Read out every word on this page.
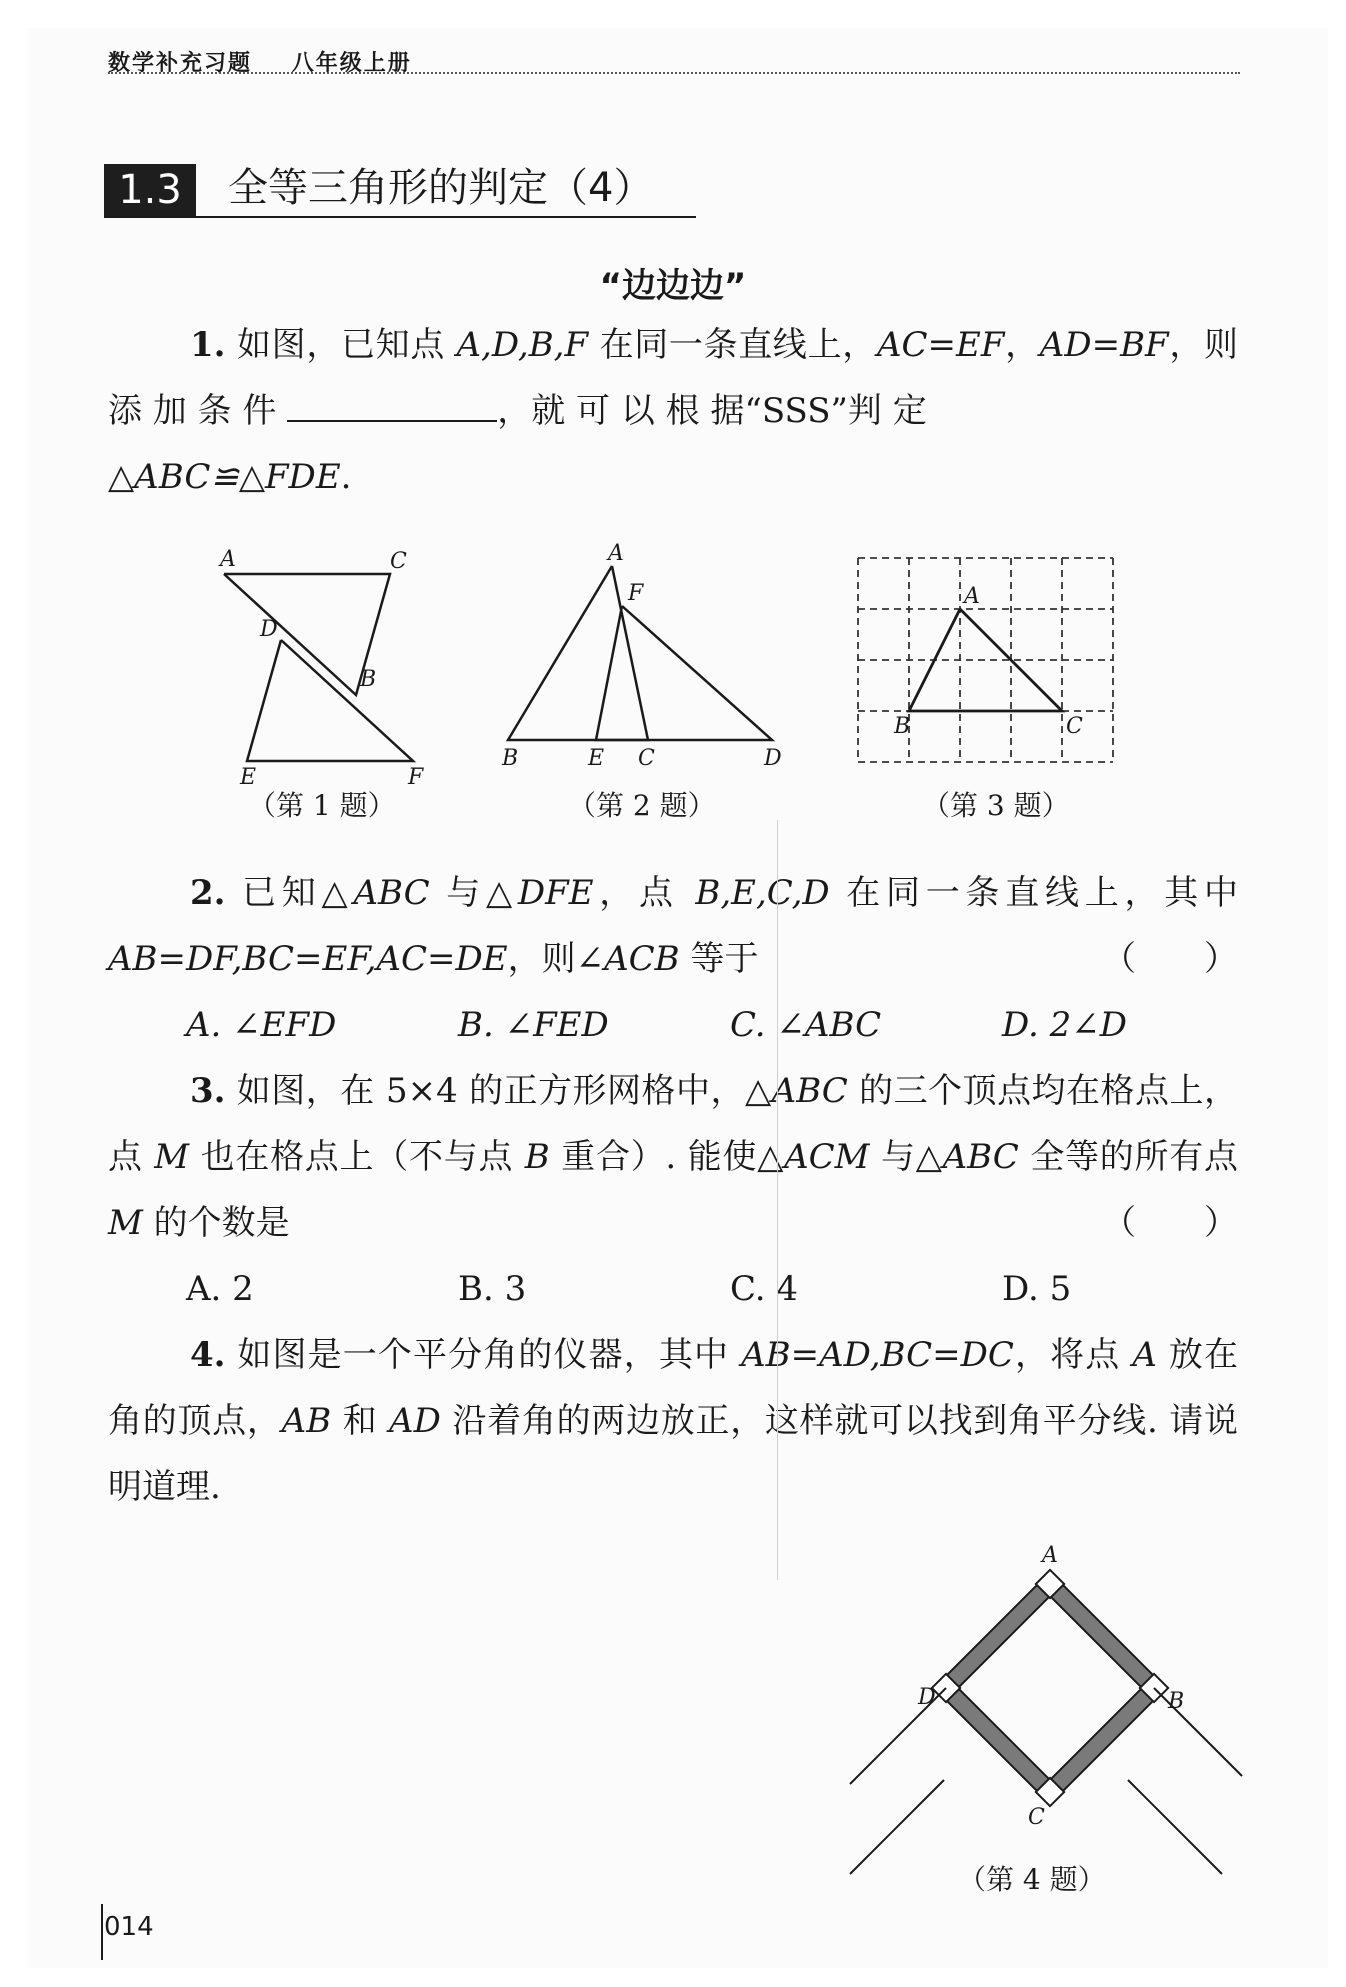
数学补充习题 八年级上册
1.3	全等三角形的判定（4）
“边边边”
1. 如图，已知点 A,D,B,F 在同一条直线上，AC=EF，AD=BF，则 添 加 条 件	，就 可 以 根 据“SSS”判 定
△ABC≌△FDE.
A	C
D
B
E	F
（第 1 题）
A
F
B	E C	D
（第 2 题）
A
B	C
（第 3 题）
2. 已知△ABC 与△DFE，点 B,E,C,D 在同一条直线上，其中 AB=DF,BC=EF,AC=DE，则∠ACB 等于	（　　）
A. ∠EFD	B. ∠FED	C. ∠ABC	D. 2∠D
3. 如图，在 5×4 的正方形网格中，△ABC 的三个顶点均在格点上，点 M 也在格点上（不与点 B 重合）. 能使△ACM 与△ABC 全等的所有点M 的个数是	（　　）
A. 2	B. 3	C. 4	D. 5
4. 如图是一个平分角的仪器，其中 AB=AD,BC=DC，将点 A 放在角的顶点，AB 和 AD 沿着角的两边放正，这样就可以找到角平分线. 请说明道理.
A
D	B
C
（第 4 题）
014
